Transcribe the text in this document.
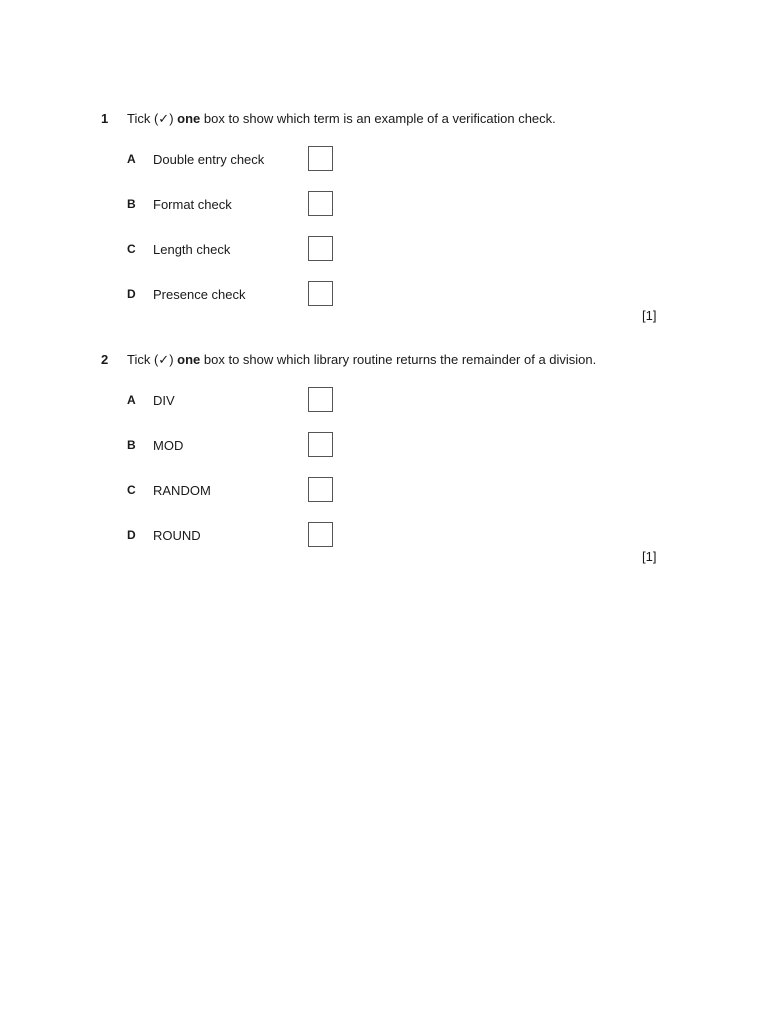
1 Tick (✓) one box to show which term is an example of a verification check.
A Double entry check
B Format check
C Length check
D Presence check
[1]
2 Tick (✓) one box to show which library routine returns the remainder of a division.
A DIV
B MOD
C RANDOM
D ROUND
[1]
